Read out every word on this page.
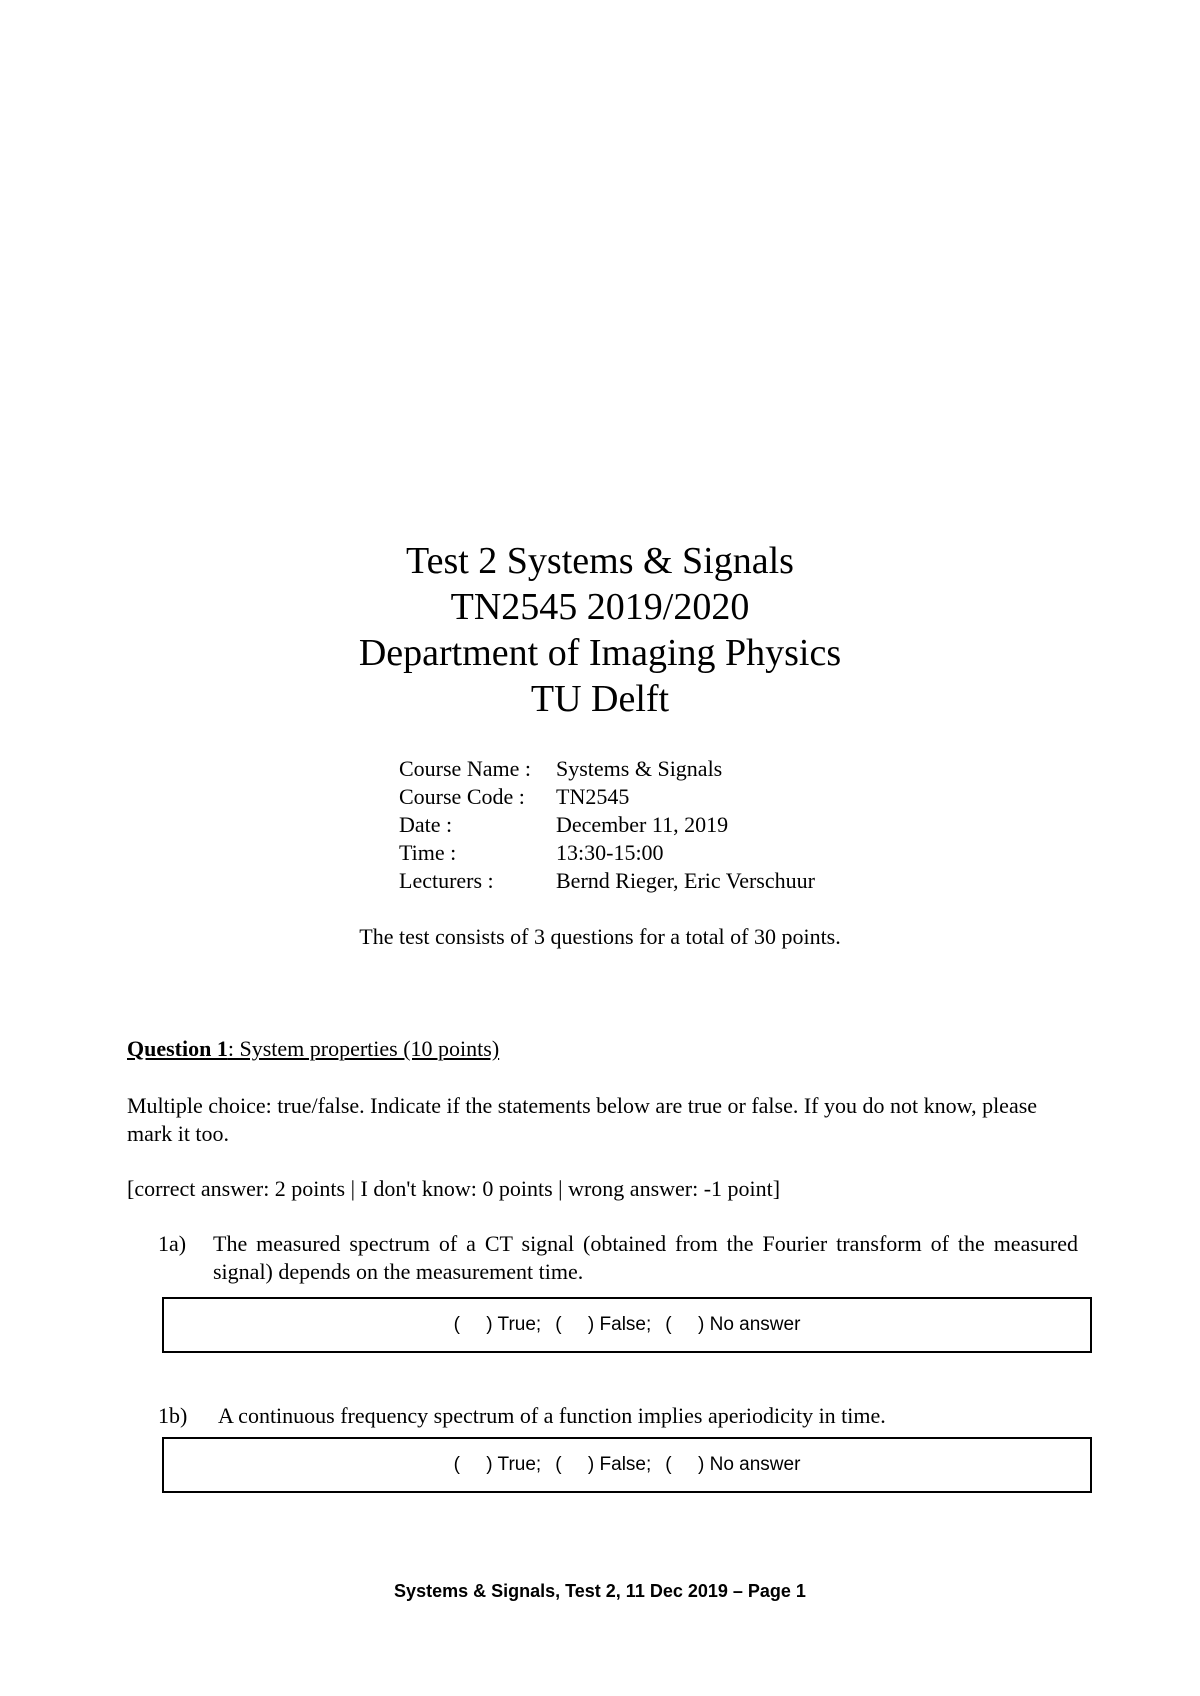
Test 2 Systems & Signals
TN2545 2019/2020
Department of Imaging Physics
TU Delft
Course Name :	Systems & Signals
Course Code :	TN2545
Date :	December 11, 2019
Time :	13:30-15:00
Lecturers :	Bernd Rieger, Eric Verschuur
The test consists of 3 questions for a total of 30 points.
Question 1: System properties (10 points)
Multiple choice: true/false. Indicate if the statements below are true or false. If you do not know, please mark it too.
[correct answer: 2 points | I don't know: 0 points | wrong answer: -1 point]
1a)	The measured spectrum of a CT signal (obtained from the Fourier transform of the measured signal) depends on the measurement time.
(     ) True; (     ) False; (     ) No answer
1b)	A continuous frequency spectrum of a function implies aperiodicity in time.
(     ) True; (     ) False; (     ) No answer
Systems & Signals, Test 2, 11 Dec 2019 – Page 1
